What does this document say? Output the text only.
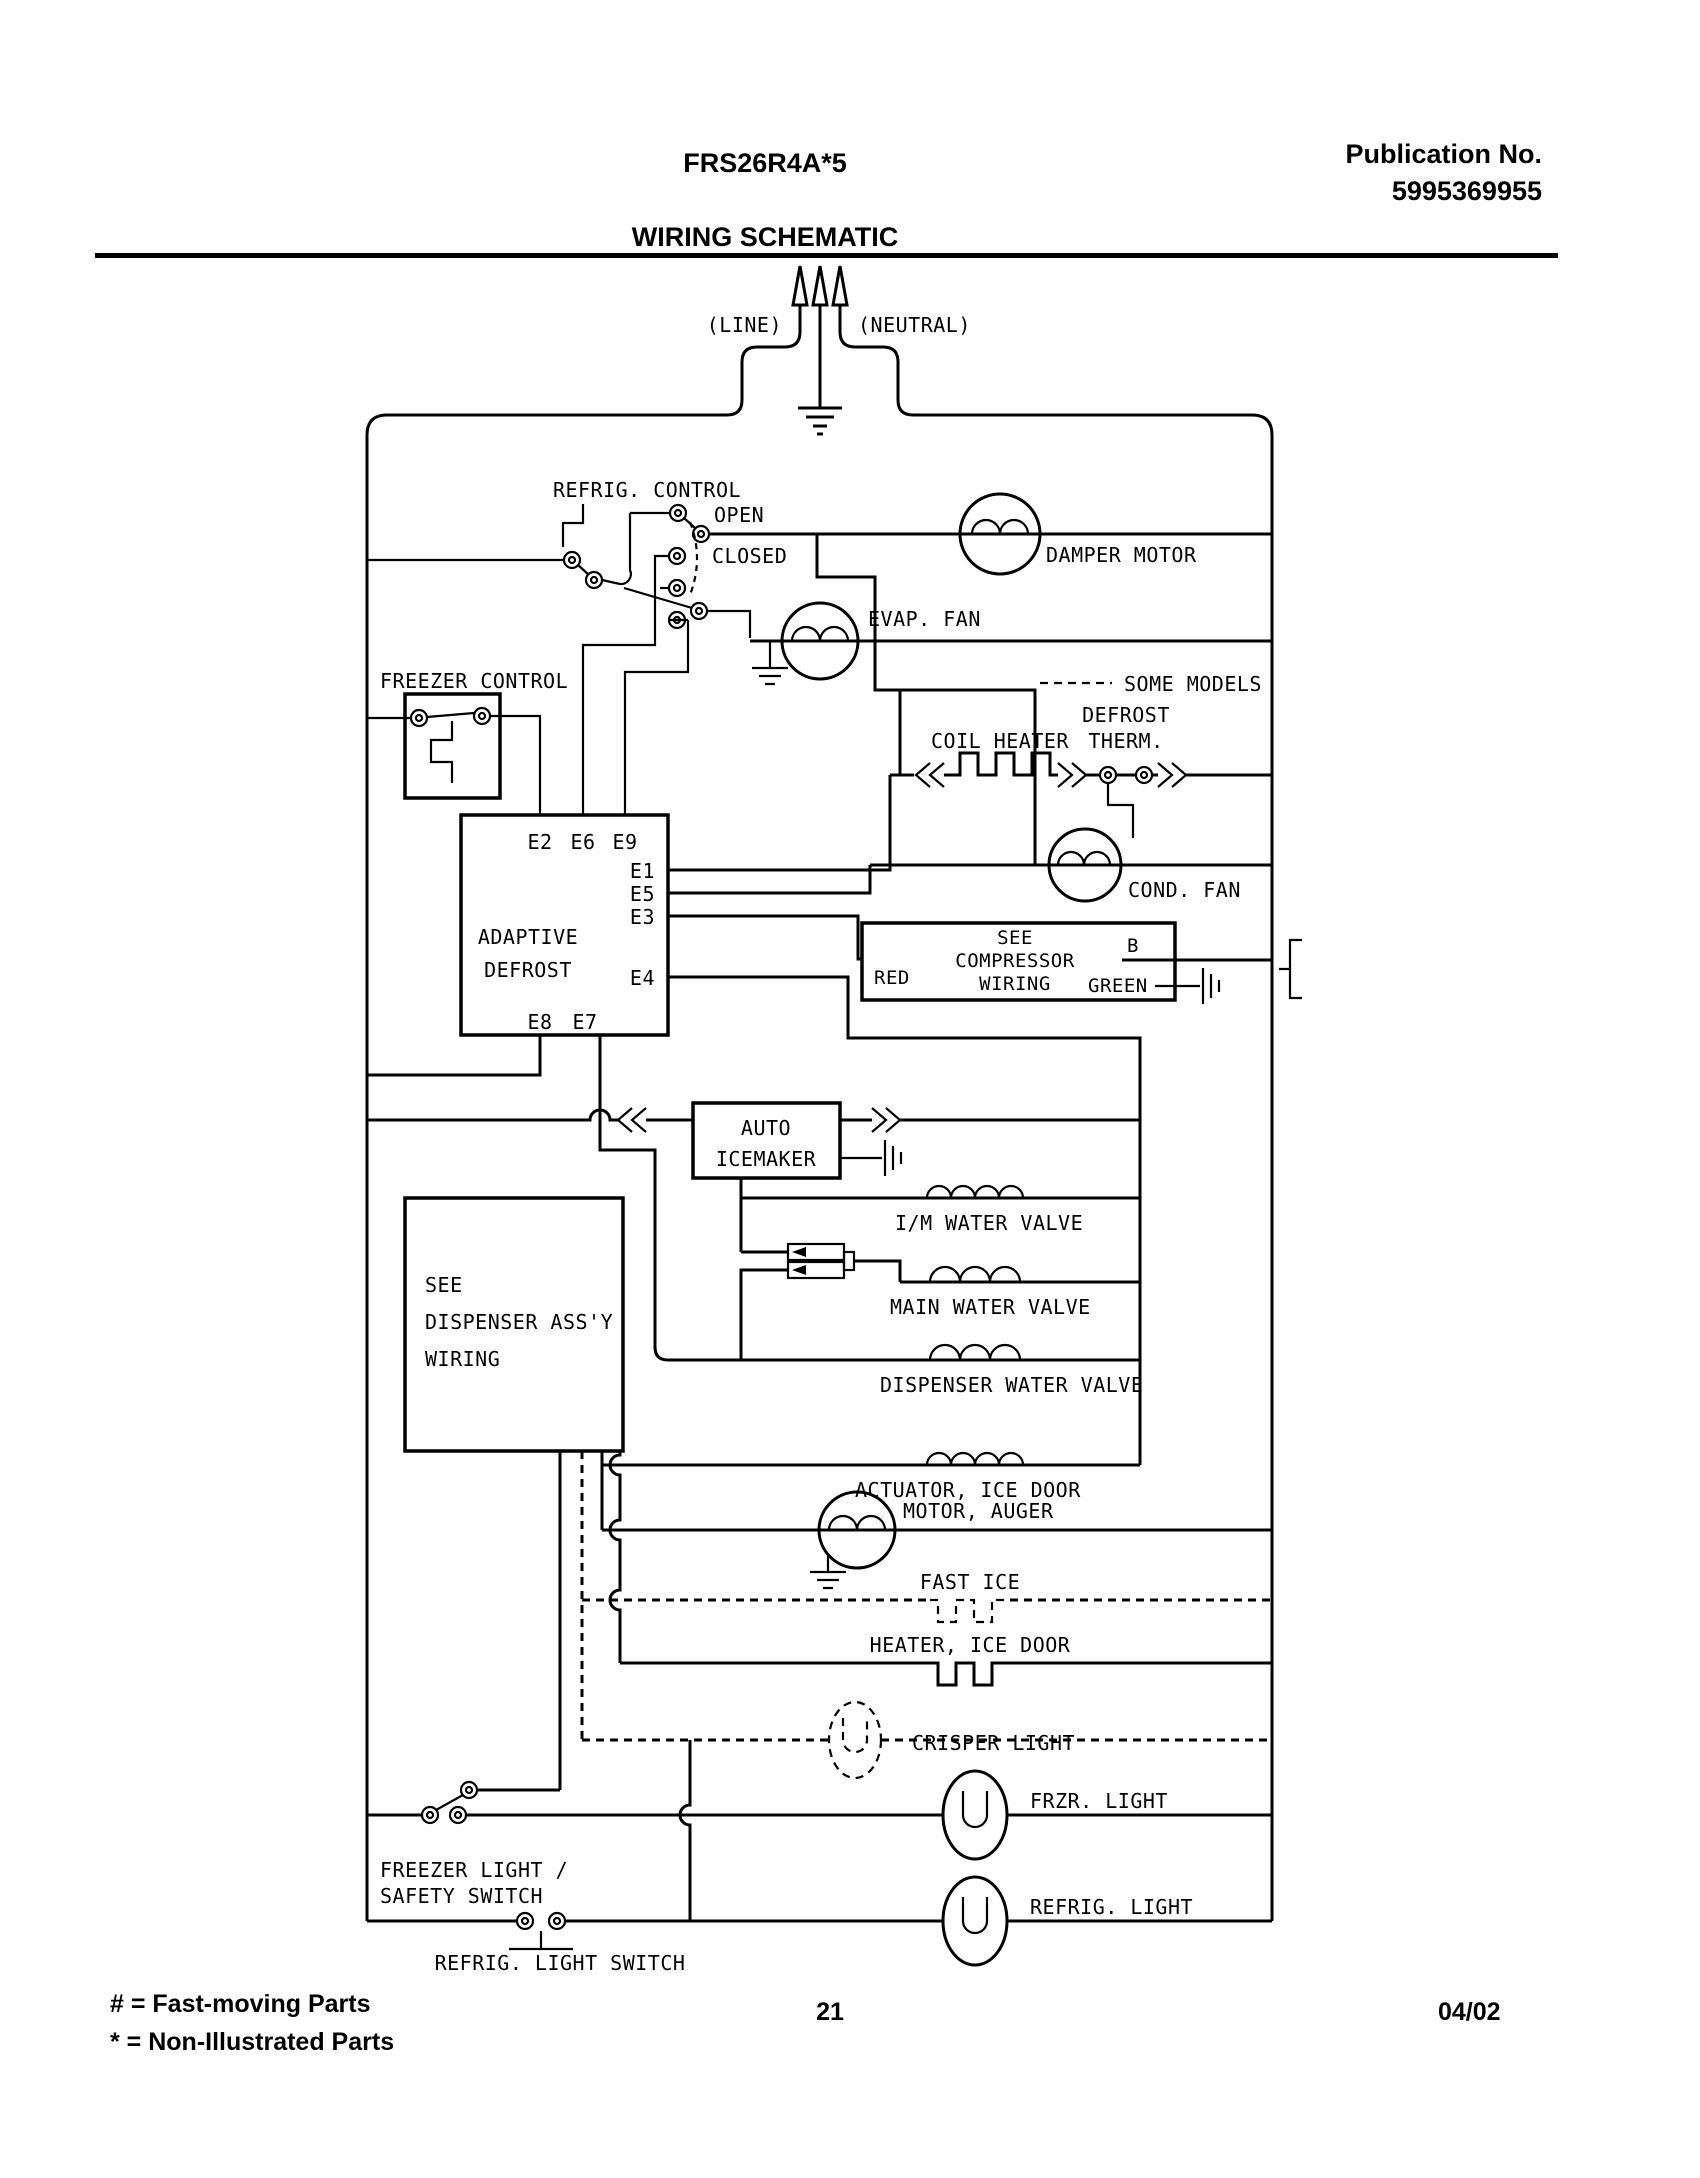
FRS26R4A*5	Publication No.
5995369955
WIRING SCHEMATIC
(LINE)	(NEUTRAL)
REFRIG. CONTROL
OPEN
CLOSED	DAMPER MOTOR
EVAP. FAN
SOME MODELS
FREEZER CONTROL
E2 E6 E9
E1
E5
E3
E4
E8 E7
ADAPTIVE
DEFROST
COIL HEATER
DEFROST
THERM.
COND. FAN
SEE
COMPRESSOR
WIRING
RED
B
GREEN
AUTO
ICEMAKER
I/M WATER VALVE
MAIN WATER VALVE
DISPENSER WATER VALVE
ACTUATOR, ICE DOOR
SEE
DISPENSER ASS'Y
WIRING
MOTOR, AUGER
FAST ICE
HEATER, ICE DOOR
CRISPER LIGHT
FRZR. LIGHT
FREEZER LIGHT /
SAFETY SWITCH	REFRIG. LIGHT
REFRIG. LIGHT SWITCH
# = Fast-moving Parts
* = Non-Illustrated Parts
21	04/02
